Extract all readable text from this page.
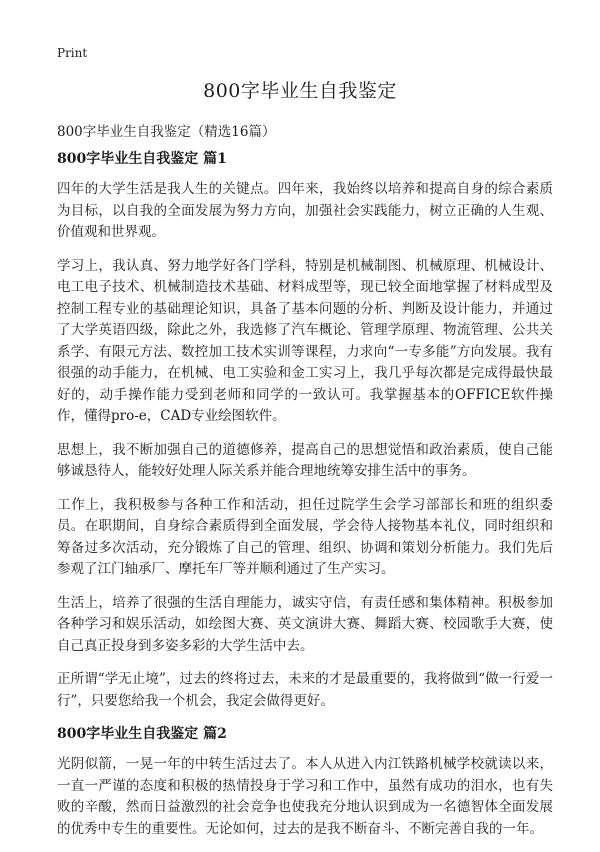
Print
800字毕业生自我鉴定

800字毕业生自我鉴定（精选16篇）

800字毕业生自我鉴定 篇1

四年的大学生活是我人生的关键点。四年来，我始终以培养和提高自身的综合素质为目标，以自我的全面发展为努力方向，加强社会实践能力，树立正确的人生观、价值观和世界观。

学习上，我认真、努力地学好各门学科，特别是机械制图、机械原理、机械设计、电工电子技术、机械制造技术基础、材料成型等，现已较全面地掌握了材料成型及控制工程专业的基础理论知识，具备了基本问题的分析、判断及设计能力，并通过了大学英语四级，除此之外，我选修了汽车概论、管理学原理、物流管理、公共关系学、有限元方法、数控加工技术实训等课程，力求向“一专多能”方向发展。我有很强的动手能力，在机械、电工实验和金工实习上，我几乎每次都是完成得最快最好的，动手操作能力受到老师和同学的一致认可。我掌握基本的OFFICE软件操作，懂得pro-e，CAD专业绘图软件。

思想上，我不断加强自己的道德修养，提高自己的思想觉悟和政治素质，使自己能够诚恳待人，能较好处理人际关系并能合理地统筹安排生活中的事务。

工作上，我积极参与各种工作和活动，担任过院学生会学习部部长和班的组织委员。在职期间，自身综合素质得到全面发展，学会待人接物基本礼仪，同时组织和筹备过多次活动，充分锻炼了自己的管理、组织、协调和策划分析能力。我们先后参观了江门轴承厂、摩托车厂等并顺利通过了生产实习。

生活上，培养了很强的生活自理能力，诚实守信，有责任感和集体精神。积极参加各种学习和娱乐活动，如绘图大赛、英文演讲大赛、舞蹈大赛、校园歌手大赛，使自己真正投身到多姿多彩的大学生活中去。

正所谓“学无止境”，过去的终将过去，未来的才是最重要的，我将做到“做一行爱一行”，只要您给我一个机会，我定会做得更好。

800字毕业生自我鉴定 篇2

光阴似箭，一晃一年的中转生活过去了。本人从进入内江铁路机械学校就读以来，一直一严谨的态度和积极的热情投身于学习和工作中，虽然有成功的泪水，也有失败的辛酸，然而日益激烈的社会竞争也使我充分地认识到成为一名德智体全面发展的优秀中专生的重要性。无论如何，过去的是我不断奋斗、不断完善自我的一年。
